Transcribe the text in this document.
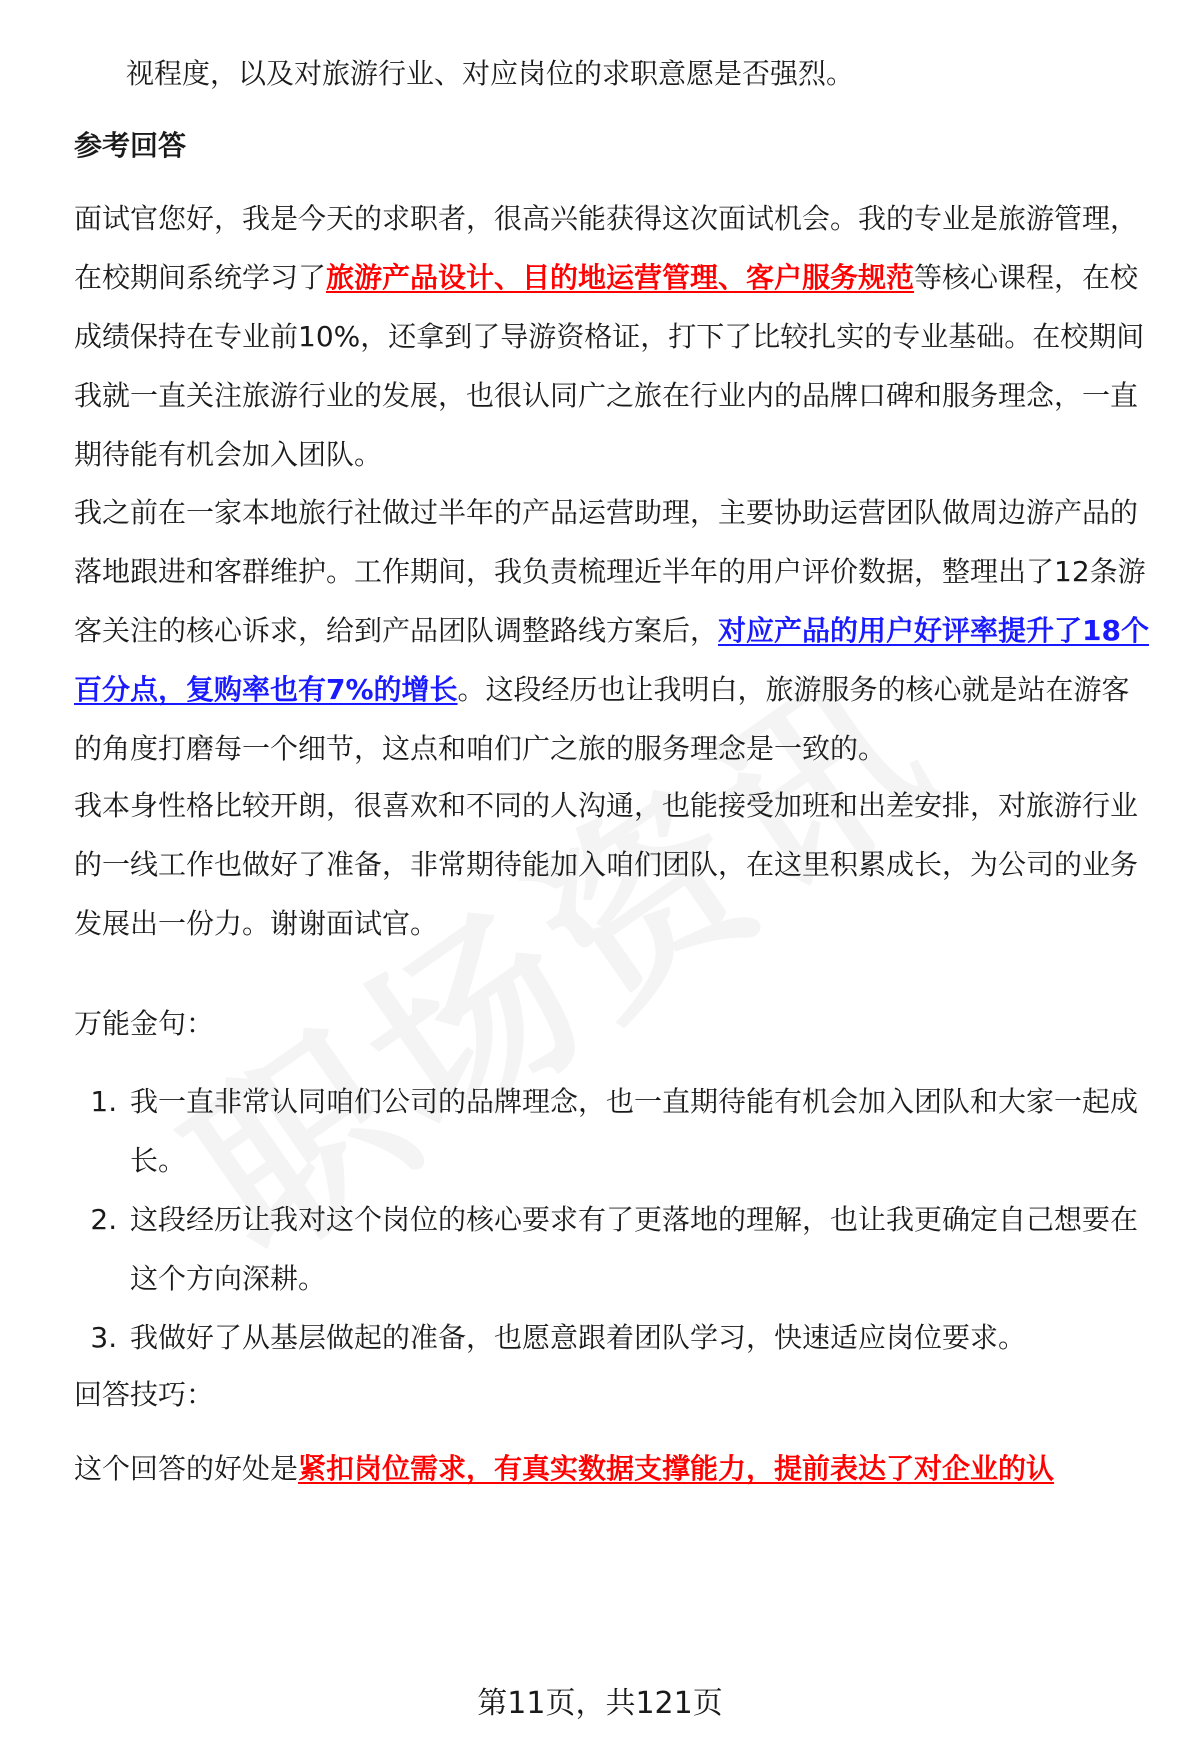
视程度，以及对旅游行业、对应岗位的求职意愿是否强烈。
参考回答
面试官您好，我是今天的求职者，很高兴能获得这次面试机会。我的专业是旅游管理，在校期间系统学习了旅游产品设计、目的地运营管理、客户服务规范等核心课程，在校成绩保持在专业前10%，还拿到了导游资格证，打下了比较扎实的专业基础。在校期间我就一直关注旅游行业的发展，也很认同广之旅在行业内的品牌口碑和服务理念，一直期待能有机会加入团队。
我之前在一家本地旅行社做过半年的产品运营助理，主要协助运营团队做周边游产品的落地跟进和客群维护。工作期间，我负责梳理近半年的用户评价数据，整理出了12条游客关注的核心诉求，给到产品团队调整路线方案后，对应产品的用户好评率提升了18个百分点，复购率也有7%的增长。这段经历也让我明白，旅游服务的核心就是站在游客的角度打磨每一个细节，这点和咱们广之旅的服务理念是一致的。
我本身性格比较开朗，很喜欢和不同的人沟通，也能接受加班和出差安排，对旅游行业的一线工作也做好了准备，非常期待能加入咱们团队，在这里积累成长，为公司的业务发展出一份力。谢谢面试官。
万能金句：
1. 我一直非常认同咱们公司的品牌理念，也一直期待能有机会加入团队和大家一起成长。
2. 这段经历让我对这个岗位的核心要求有了更落地的理解，也让我更确定自己想要在这个方向深耕。
3. 我做好了从基层做起的准备，也愿意跟着团队学习，快速适应岗位要求。
回答技巧：
这个回答的好处是紧扣岗位需求，有真实数据支撑能力，提前表达了对企业的认
第11页，共121页
